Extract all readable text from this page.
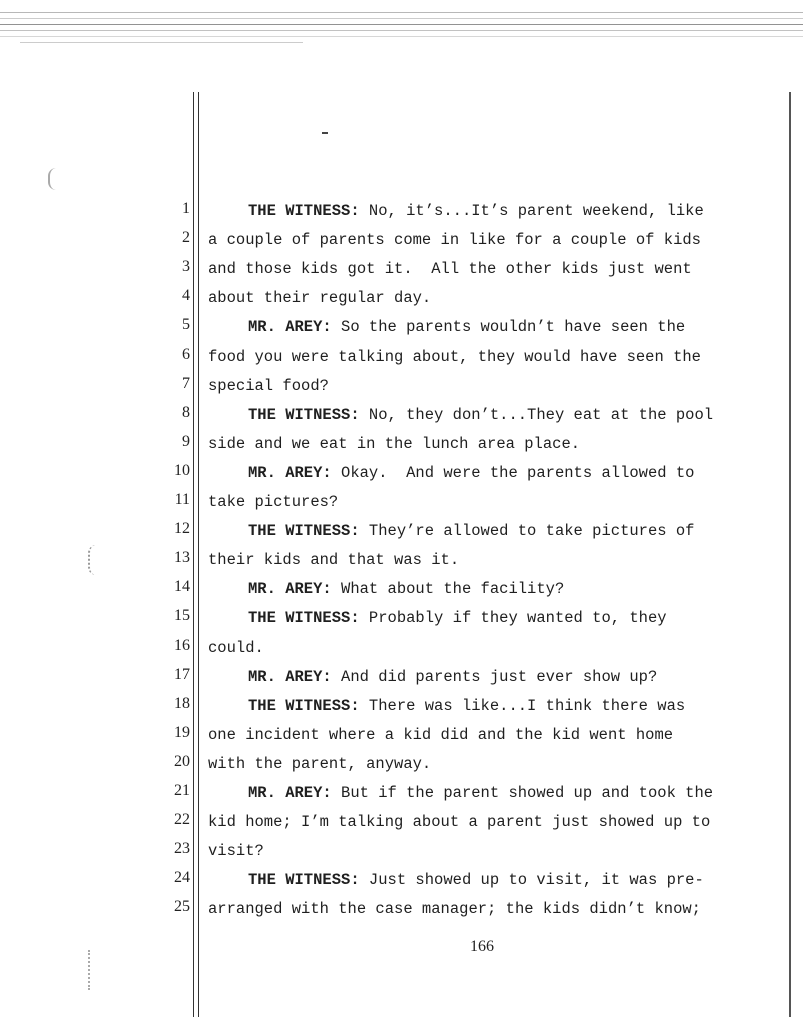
1	THE WITNESS: No, it’s...It’s parent weekend, like
2 a couple of parents come in like for a couple of kids
3 and those kids got it.  All the other kids just went
4 about their regular day.
5	MR. AREY: So the parents wouldn’t have seen the
6 food you were talking about, they would have seen the
7 special food?
8	THE WITNESS: No, they don’t...They eat at the pool
9 side and we eat in the lunch area place.
10	MR. AREY: Okay.  And were the parents allowed to
11 take pictures?
12	THE WITNESS: They’re allowed to take pictures of
13 their kids and that was it.
14	MR. AREY: What about the facility?
15	THE WITNESS: Probably if they wanted to, they
16 could.
17	MR. AREY: And did parents just ever show up?
18	THE WITNESS: There was like...I think there was
19 one incident where a kid did and the kid went home
20 with the parent, anyway.
21	MR. AREY: But if the parent showed up and took the
22 kid home; I’m talking about a parent just showed up to
23 visit?
24	THE WITNESS: Just showed up to visit, it was pre-
25 arranged with the case manager; the kids didn’t know;
166
